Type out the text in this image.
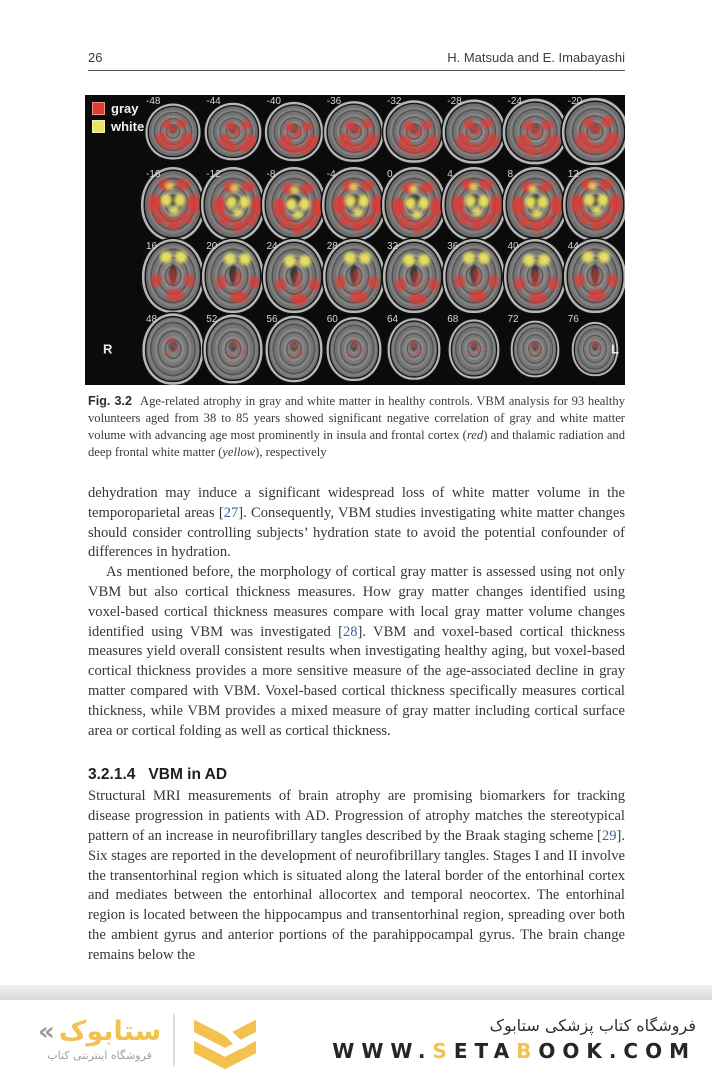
26	H. Matsuda and E. Imabayashi
gray
white
-48	-44	-40	-36	-32	-28	-24	-20
-16	-12	-8	-4	0	4	8	12
16	20	24	28	32	36	40	44
48	52	56	60	64	68	72	76
R	L
Fig. 3.2 Age-related atrophy in gray and white matter in healthy controls. VBM analysis for 93 healthy volunteers aged from 38 to 85 years showed significant negative correlation of gray and white matter volume with advancing age most prominently in insula and frontal cortex (red) and thalamic radiation and deep frontal white matter (yellow), respectively

dehydration may induce a significant widespread loss of white matter volume in the temporoparietal areas [27]. Consequently, VBM studies investigating white matter changes should consider controlling subjects’ hydration state to avoid the potential confounder of differences in hydration.

As mentioned before, the morphology of cortical gray matter is assessed using not only VBM but also cortical thickness measures. How gray matter changes identified using voxel-based cortical thickness measures compare with local gray matter volume changes identified using VBM was investigated [28]. VBM and voxel-based cortical thickness measures yield overall consistent results when investigating healthy aging, but voxel-based cortical thickness provides a more sensitive measure of the age-associated decline in gray matter compared with VBM. Voxel-based cortical thickness specifically measures cortical thickness, while VBM provides a mixed measure of gray matter including cortical surface area or cortical folding as well as cortical thickness.

3.2.1.4 VBM in AD

Structural MRI measurements of brain atrophy are promising biomarkers for tracking disease progression in patients with AD. Progression of atrophy matches the stereotypical pattern of an increase in neurofibrillary tangles described by the Braak staging scheme [29]. Six stages are reported in the development of neurofibrillary tangles. Stages I and II involve the transentorhinal region which is situated along the lateral border of the entorhinal cortex and mediates between the entorhinal allocortex and temporal neocortex. The entorhinal region is located between the hippocampus and transentorhinal region, spreading over both the ambient gyrus and anterior portions of the parahippocampal gyrus. The brain change remains below the

« ستابوک
فروشگاه اینترنتی کتاب
فروشگاه کتاب پزشکی ستابوک
WWW.SETABOOK.COM
